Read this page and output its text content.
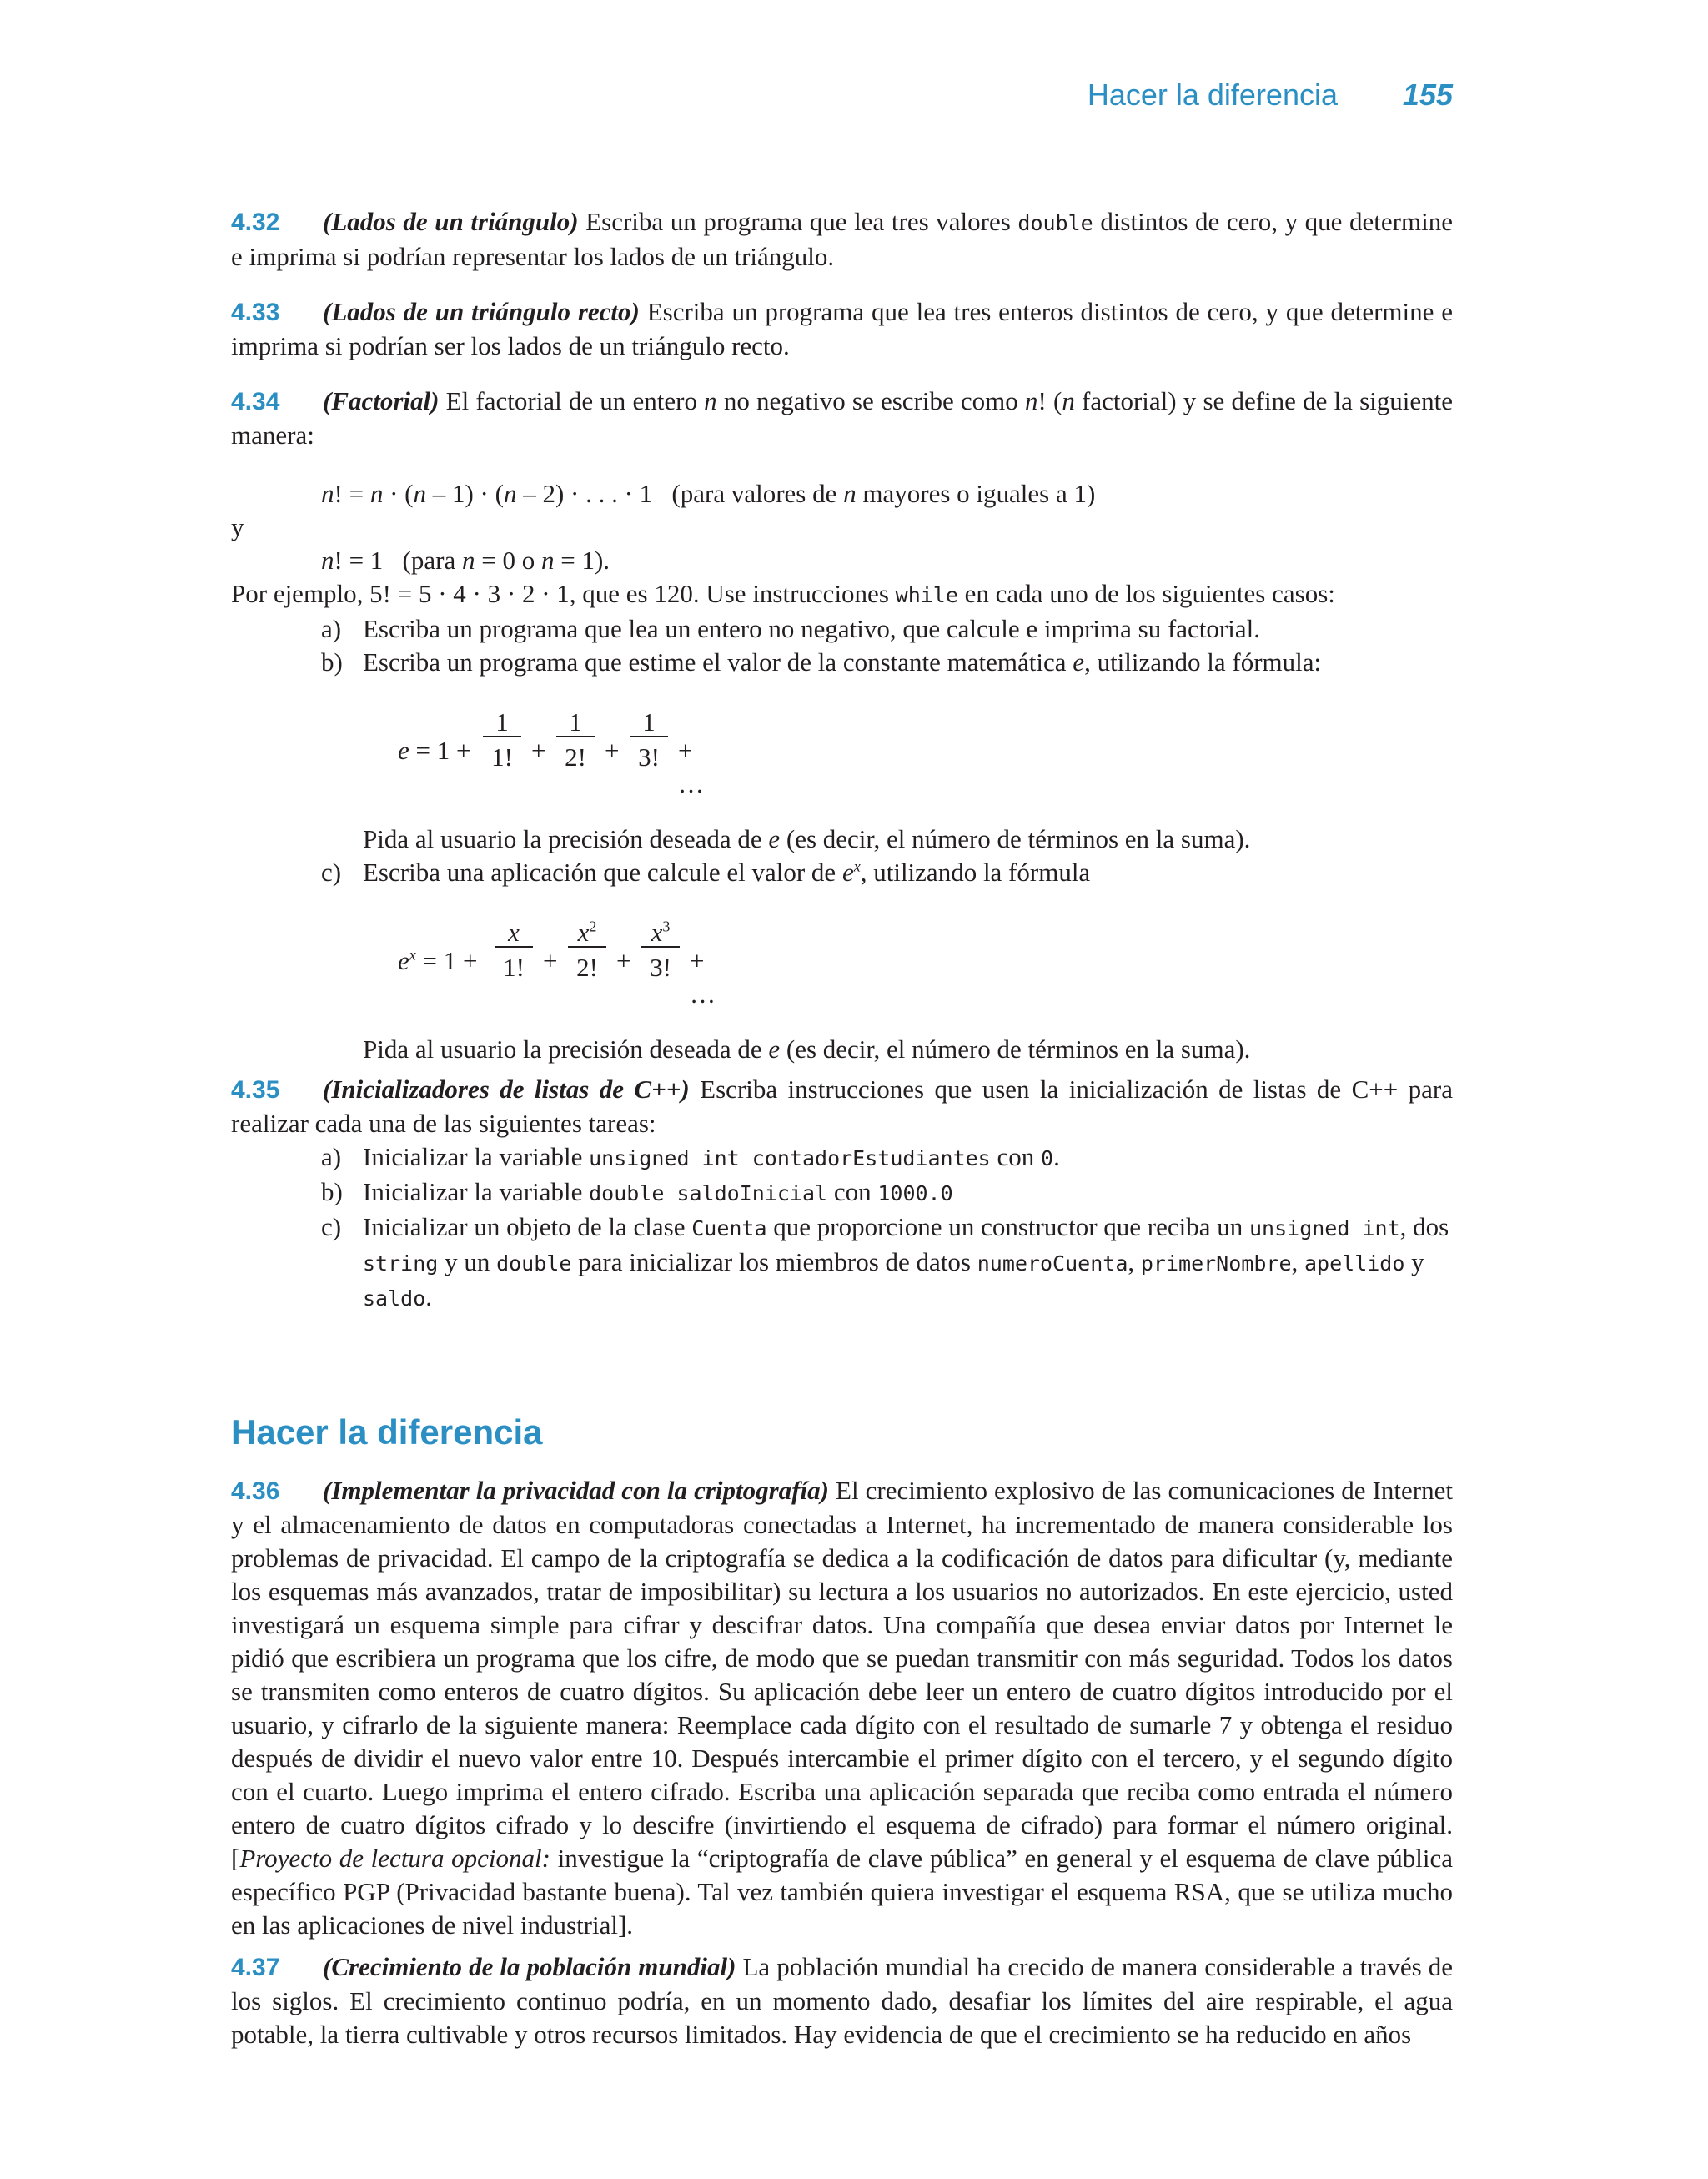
Hacer la diferencia 155

4.32 (Lados de un triángulo) Escriba un programa que lea tres valores double distintos de cero, y que determine e imprima si podrían representar los lados de un triángulo.

4.33 (Lados de un triángulo recto) Escriba un programa que lea tres enteros distintos de cero, y que determine e imprima si podrían ser los lados de un triángulo recto.

4.34 (Factorial) El factorial de un entero n no negativo se escribe como n! (n factorial) y se define de la siguiente manera:

n! = n · (n – 1) · (n – 2) · . . . · 1   (para valores de n mayores o iguales a 1)

y

n! = 1   (para n = 0 o n = 1).

Por ejemplo, 5! = 5 · 4 · 3 · 2 · 1, que es 120. Use instrucciones while en cada uno de los siguientes casos:

a) Escriba un programa que lea un entero no negativo, que calcule e imprima su factorial.
b) Escriba un programa que estime el valor de la constante matemática e, utilizando la fórmula:
e = 1 +
1
1! +
1
2! +
1
3! + …

Pida al usuario la precisión deseada de e (es decir, el número de términos en la suma).

c) Escriba una aplicación que calcule el valor de $e^x$, utilizando la fórmula
$e^x = 1$ +
x
1! +
$x^2$
2! +
$x^3$
3! + …

Pida al usuario la precisión deseada de e (es decir, el número de términos en la suma).

4.35 (Inicializadores de listas de C++) Escriba instrucciones que usen la inicialización de listas de C++ para realizar cada una de las siguientes tareas:

a) Inicializar la variable unsigned int contadorEstudiantes con 0.
b) Inicializar la variable double saldoInicial con 1000.0
c) Inicializar un objeto de la clase Cuenta que proporcione un constructor que reciba un unsigned int, dos string y un double para inicializar los miembros de datos numeroCuenta, primerNombre, apellido y saldo.
Hacer la diferencia

4.36 (Implementar la privacidad con la criptografía) El crecimiento explosivo de las comunicaciones de Internet y el almacenamiento de datos en computadoras conectadas a Internet, ha incrementado de manera considerable los problemas de privacidad. El campo de la criptografía se dedica a la codificación de datos para dificultar (y, mediante los esquemas más avanzados, tratar de imposibilitar) su lectura a los usuarios no autorizados. En este ejercicio, usted investigará un esquema simple para cifrar y descifrar datos. Una compañía que desea enviar datos por Internet le pidió que escribiera un programa que los cifre, de modo que se puedan transmitir con más seguridad. Todos los datos se transmiten como enteros de cuatro dígitos. Su aplicación debe leer un entero de cuatro dígitos introducido por el usuario, y cifrarlo de la siguiente manera: Reemplace cada dígito con el resultado de sumarle 7 y obtenga el residuo después de dividir el nuevo valor entre 10. Después intercambie el primer dígito con el tercero, y el segundo dígito con el cuarto. Luego imprima el entero cifrado. Escriba una aplicación separada que reciba como entrada el número entero de cuatro dígitos cifrado y lo descifre (invirtiendo el esquema de cifrado) para formar el número original. [Proyecto de lectura opcional: investigue la “criptografía de clave pública” en general y el esquema de clave pública específico PGP (Privacidad bastante buena). Tal vez también quiera investigar el esquema RSA, que se utiliza mucho en las aplicaciones de nivel industrial].

4.37 (Crecimiento de la población mundial) La población mundial ha crecido de manera considerable a través de los siglos. El crecimiento continuo podría, en un momento dado, desafiar los límites del aire respirable, el agua potable, la tierra cultivable y otros recursos limitados. Hay evidencia de que el crecimiento se ha reducido en años
